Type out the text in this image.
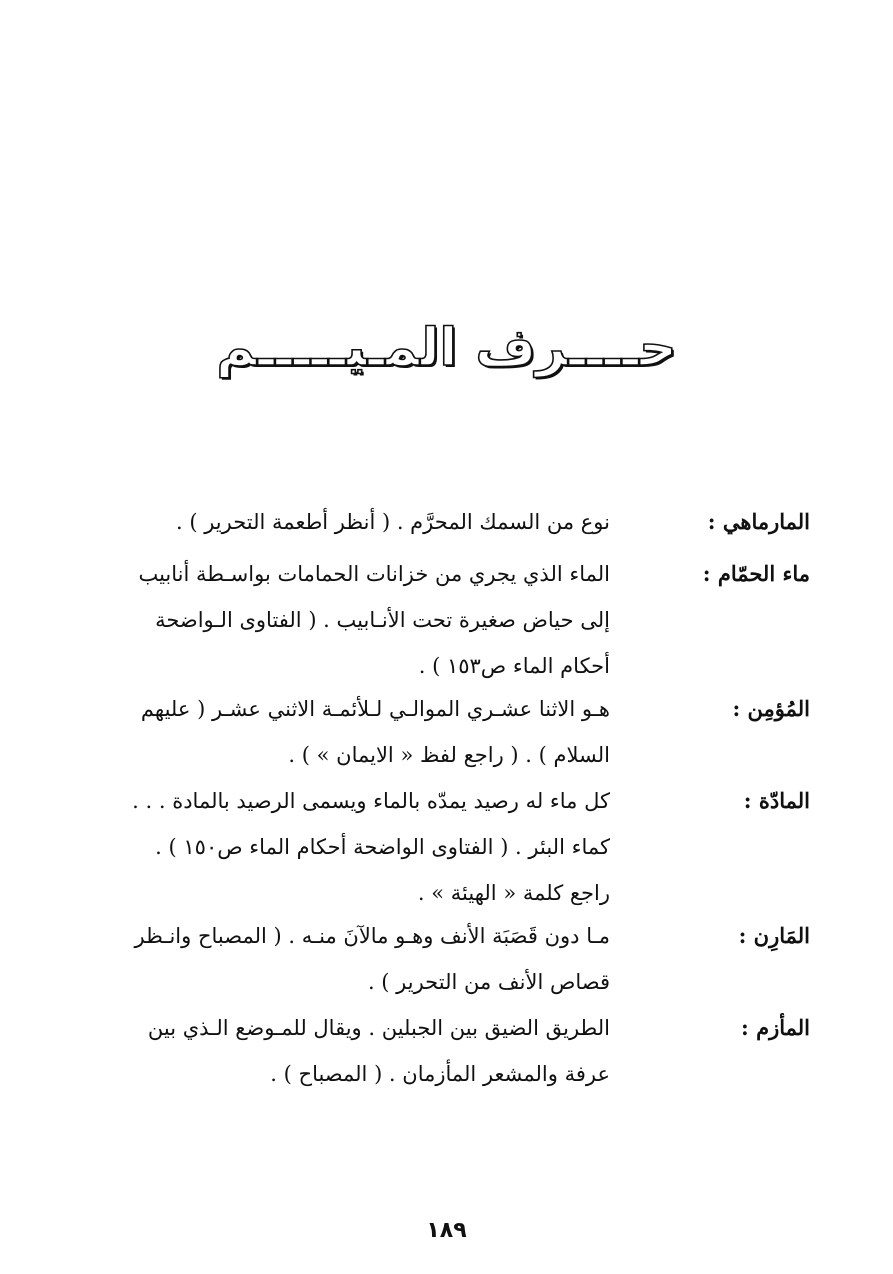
حــــرف المـيـــــم
المارماهي :
نوع من السمك المحرَّم . ( أنظر أطعمة التحرير ) .
ماء الحمّام :
الماء الذي يجري من خزانات الحمامات بواسـطة أنابيب
إلى حياض صغيرة تحت الأنـابيب . ( الفتاوى الـواضحة
أحكام الماء ص١٥٣ ) .
المُؤمِن :
هـو الاثنا عشـري الموالـي لـلأئمـة الاثني عشـر ( عليهم
السلام ) . ( راجع لفظ « الايمان » ) .
المادّة :
كل ماء له رصيد يمدّه بالماء ويسمى الرصيد بالمادة . . .
كماء البئر . ( الفتاوى الواضحة أحكام الماء ص١٥٠ ) .
راجع كلمة « الهيئة » .
المَارِن :
مـا دون قَصَبَة الأنف وهـو مالآنَ منـه . ( المصباح وانـظر
قصاص الأنف من التحرير ) .
المأزم :
الطريق الضيق بين الجبلين . ويقال للمـوضع الـذي بين
عرفة والمشعر المأزمان . ( المصباح ) .
١٨٩
